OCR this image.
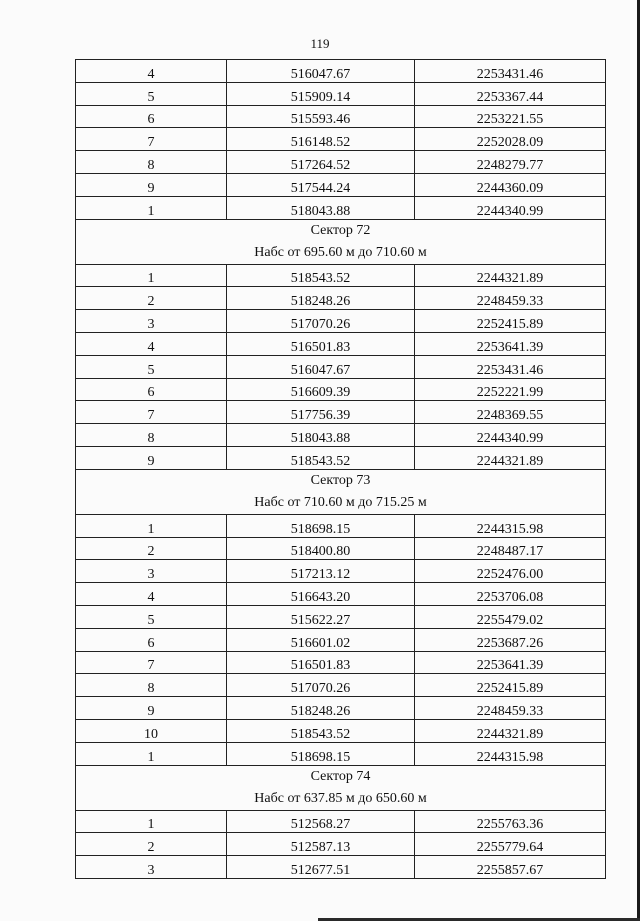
119
4	516047.67	2253431.46
5	515909.14	2253367.44
6	515593.46	2253221.55
7	516148.52	2252028.09
8	517264.52	2248279.77
9	517544.24	2244360.09
1	518043.88	2244340.99

Сектор 72
Набс от 695.60 м до 710.60 м		

1	518543.52	2244321.89
2	518248.26	2248459.33
3	517070.26	2252415.89
4	516501.83	2253641.39
5	516047.67	2253431.46
6	516609.39	2252221.99
7	517756.39	2248369.55
8	518043.88	2244340.99
9	518543.52	2244321.89

Сектор 73
Набс от 710.60 м до 715.25 м		

1	518698.15	2244315.98
2	518400.80	2248487.17
3	517213.12	2252476.00
4	516643.20	2253706.08
5	515622.27	2255479.02
6	516601.02	2253687.26
7	516501.83	2253641.39
8	517070.26	2252415.89
9	518248.26	2248459.33
10	518543.52	2244321.89
1	518698.15	2244315.98

Сектор 74
Набс от 637.85 м до 650.60 м		

1	512568.27	2255763.36
2	512587.13	2255779.64
3	512677.51	2255857.67
